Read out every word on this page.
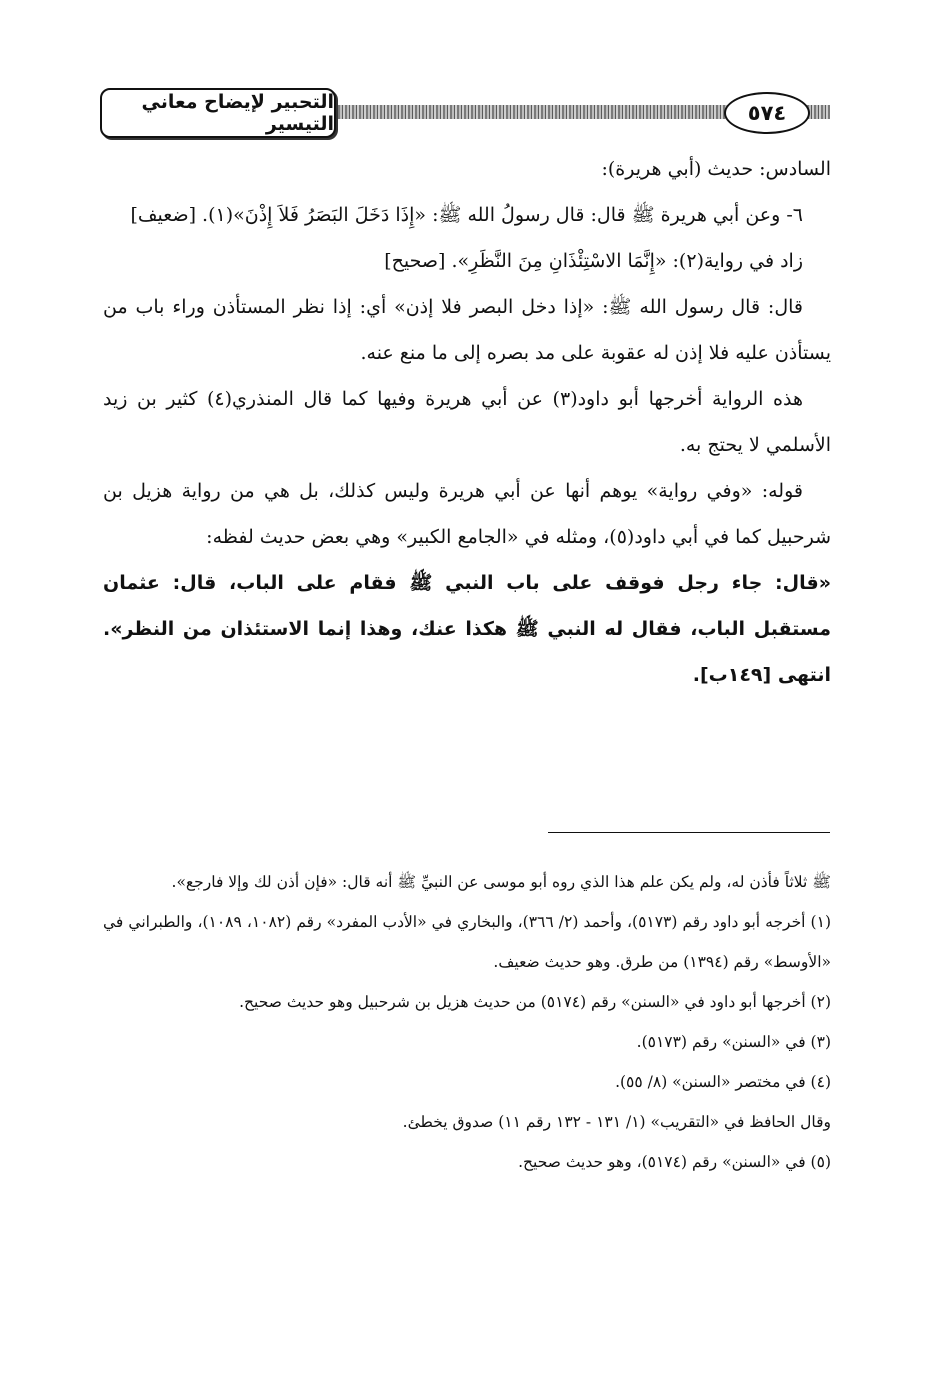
التحبير لإيضاح معاني التيسير	٥٧٤

السادس: حديث (أبي هريرة):

٦- وعن أبي هريرة ﷺ قال: قال رسولُ الله ﷺ: «إِذَا دَخَلَ البَصَرُ فَلاَ إِذْنَ»(١). [ضعيف]

زاد في رواية(٢): «إِنَّمَا الاسْتِئْذَانِ مِنَ النَّظَرِ». [صحيح]

قال: قال رسول الله ﷺ: «إذا دخل البصر فلا إذن» أي: إذا نظر المستأذن وراء باب من يستأذن عليه فلا إذن له عقوبة على مد بصره إلى ما منع عنه.

هذه الرواية أخرجها أبو داود(٣) عن أبي هريرة وفيها كما قال المنذري(٤) كثير بن زيد الأسلمي لا يحتج به.

قوله: «وفي رواية» يوهم أنها عن أبي هريرة وليس كذلك، بل هي من رواية هزيل بن شرحبيل كما في أبي داود(٥)، ومثله في «الجامع الكبير» وهي بعض حديث لفظه:

«قال: جاء رجل فوقف على باب النبي ﷺ فقام على الباب، قال: عثمان مستقبل الباب، فقال له النبي ﷺ هكذا عنك، وهذا إنما الاستئذان من النظر». انتهى [١٤٩ب].

ﷺ ثلاثاً فأذن له، ولم يكن علم هذا الذي روه أبو موسى عن النبيِّ ﷺ أنه قال: «فإن أذن لك وإلا فارجع».

(١) أخرجه أبو داود رقم (٥١٧٣)، وأحمد (٢/ ٣٦٦)، والبخاري في «الأدب المفرد» رقم (١٠٨٢، ١٠٨٩)، والطبراني في «الأوسط» رقم (١٣٩٤) من طرق. وهو حديث ضعيف.

(٢) أخرجها أبو داود في «السنن» رقم (٥١٧٤) من حديث هزيل بن شرحبيل وهو حديث صحيح.

(٣) في «السنن» رقم (٥١٧٣).

(٤) في مختصر «السنن» (٨/ ٥٥).

وقال الحافظ في «التقريب» (١/ ١٣١ - ١٣٢ رقم ١١) صدوق يخطئ.

(٥) في «السنن» رقم (٥١٧٤)، وهو حديث صحيح.
